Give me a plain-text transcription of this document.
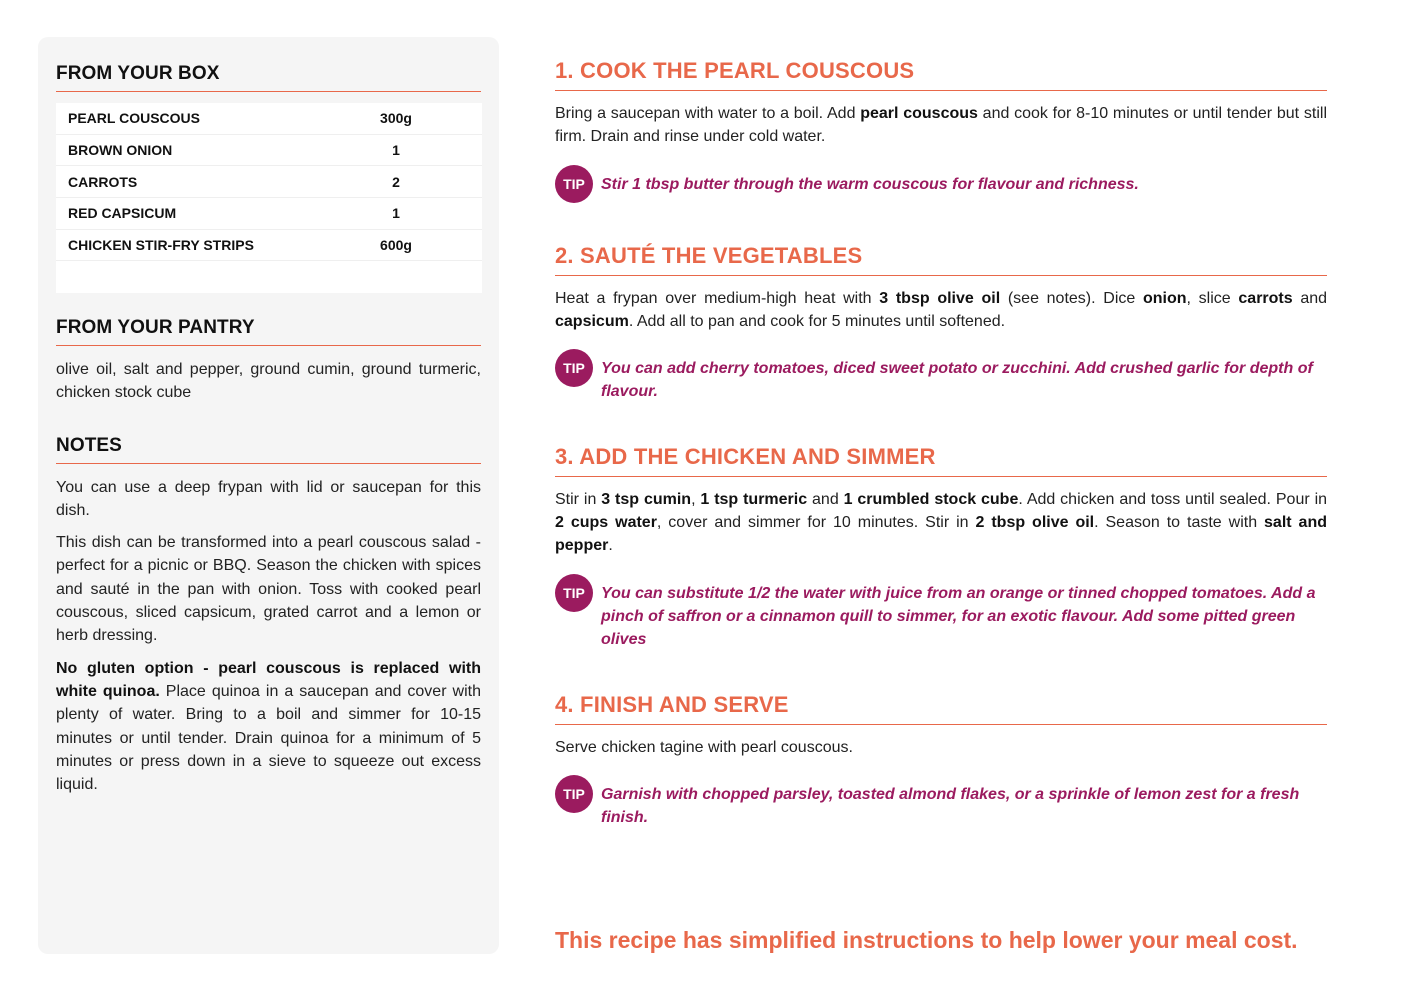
FROM YOUR BOX
PEARL COUSCOUS	300g
BROWN ONION	1
CARROTS	2
RED CAPSICUM	1
CHICKEN STIR-FRY STRIPS	600g
FROM YOUR PANTRY
olive oil, salt and pepper, ground cumin, ground turmeric, chicken stock cube
NOTES

You can use a deep frypan with lid or saucepan for this dish.

This dish can be transformed into a pearl couscous salad - perfect for a picnic or BBQ. Season the chicken with spices and sauté in the pan with onion. Toss with cooked pearl couscous, sliced capsicum, grated carrot and a lemon or herb dressing.

No gluten option - pearl couscous is replaced with white quinoa. Place quinoa in a saucepan and cover with plenty of water. Bring to a boil and simmer for 10-15 minutes or until tender. Drain quinoa for a minimum of 5 minutes or press down in a sieve to squeeze out excess liquid.

1. COOK THE PEARL COUSCOUS

Bring a saucepan with water to a boil. Add pearl couscous and cook for 8-10 minutes or until tender but still firm. Drain and rinse under cold water.

TIP	Stir 1 tbsp butter through the warm couscous for flavour and richness.
2. SAUTÉ THE VEGETABLES

Heat a frypan over medium-high heat with 3 tbsp olive oil (see notes). Dice onion, slice carrots and capsicum. Add all to pan and cook for 5 minutes until softened.

TIP	You can add cherry tomatoes, diced sweet potato or zucchini. Add crushed garlic for depth of flavour.
3. ADD THE CHICKEN AND SIMMER

Stir in 3 tsp cumin, 1 tsp turmeric and 1 crumbled stock cube. Add chicken and toss until sealed. Pour in 2 cups water, cover and simmer for 10 minutes. Stir in 2 tbsp olive oil. Season to taste with salt and pepper.

TIP	You can substitute 1/2 the water with juice from an orange or tinned chopped tomatoes. Add a pinch of saffron or a cinnamon quill to simmer, for an exotic flavour. Add some pitted green olives
4. FINISH AND SERVE

Serve chicken tagine with pearl couscous.

TIP	Garnish with chopped parsley, toasted almond flakes, or a sprinkle of lemon zest for a fresh finish.
This recipe has simplified instructions to help lower your meal cost.
